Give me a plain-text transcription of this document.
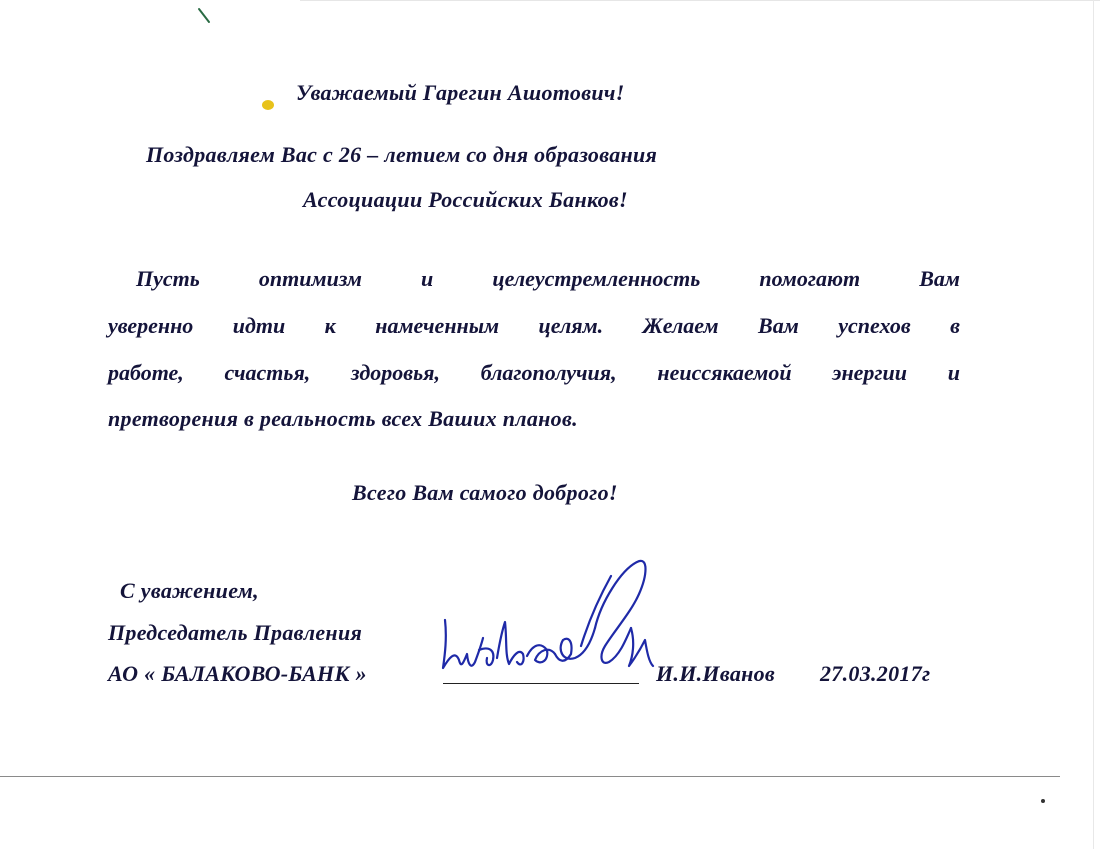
Уважаемый Гарегин Ашотович!

Поздравляем Вас с 26 – летием со дня образования

Ассоциации Российских Банков!

Пусть оптимизм и целеустремленность помогают Вам

уверенно идти к намеченным целям. Желаем Вам успехов в

работе, счастья, здоровья, благополучия, неиссякаемой энергии и

претворения в реальность всех Ваших планов.

Всего Вам самого доброго!

С уважением,

Председатель Правления

АО « БАЛАКОВО-БАНК »	И.И.Иванов 27.03.2017г
